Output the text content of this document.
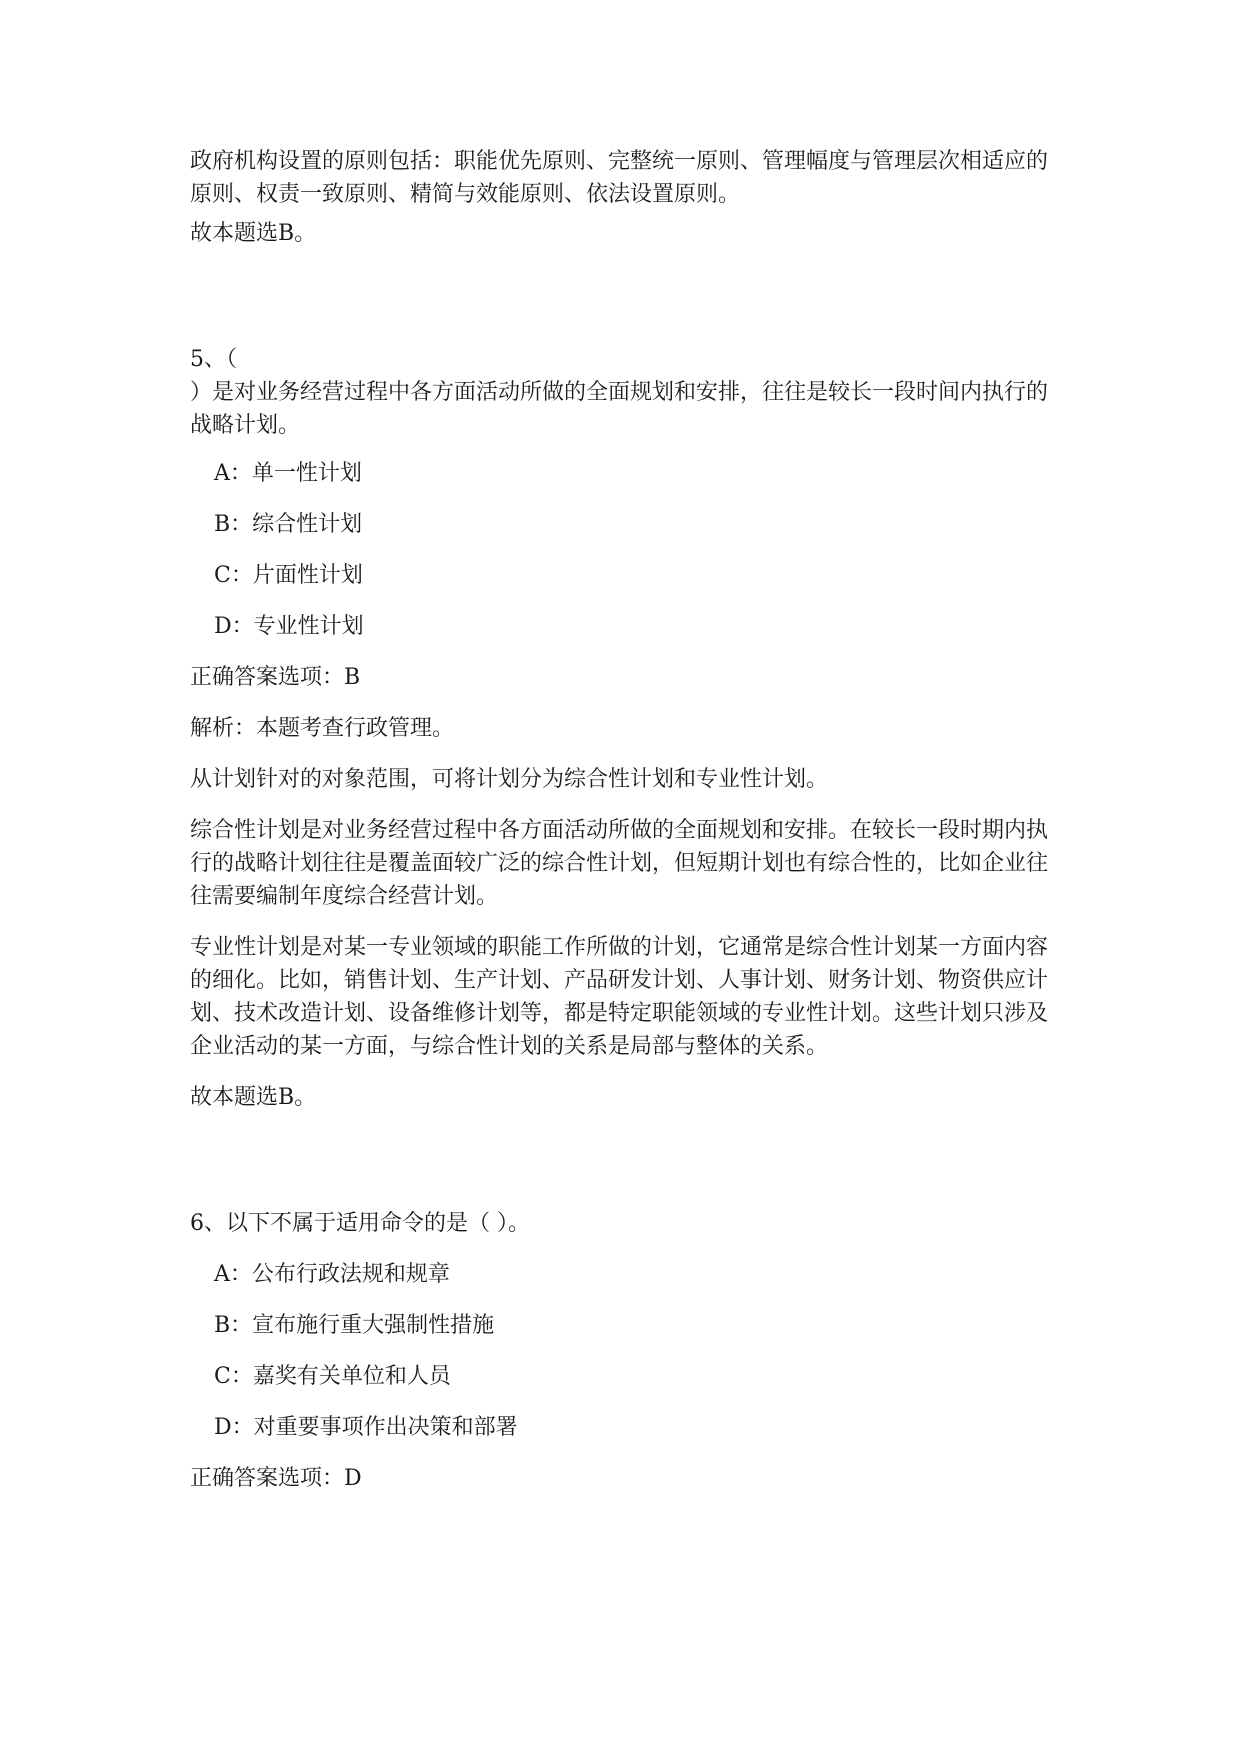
政府机构设置的原则包括：职能优先原则、完整统一原则、管理幅度与管理层次相适应的原则、权责一致原则、精简与效能原则、依法设置原则。

故本题选B。

5、（

）是对业务经营过程中各方面活动所做的全面规划和安排，往往是较长一段时间内执行的战略计划。

A：单一性计划

B：综合性计划

C：片面性计划

D：专业性计划

正确答案选项：B

解析：本题考查行政管理。

从计划针对的对象范围，可将计划分为综合性计划和专业性计划。

综合性计划是对业务经营过程中各方面活动所做的全面规划和安排。在较长一段时期内执行的战略计划往往是覆盖面较广泛的综合性计划，但短期计划也有综合性的，比如企业往往需要编制年度综合经营计划。

专业性计划是对某一专业领域的职能工作所做的计划，它通常是综合性计划某一方面内容的细化。比如，销售计划、生产计划、产品研发计划、人事计划、财务计划、物资供应计划、技术改造计划、设备维修计划等，都是特定职能领域的专业性计划。这些计划只涉及企业活动的某一方面，与综合性计划的关系是局部与整体的关系。

故本题选B。

6、以下不属于适用命令的是（ ）。

A：公布行政法规和规章

B：宣布施行重大强制性措施

C：嘉奖有关单位和人员

D：对重要事项作出决策和部署

正确答案选项：D
